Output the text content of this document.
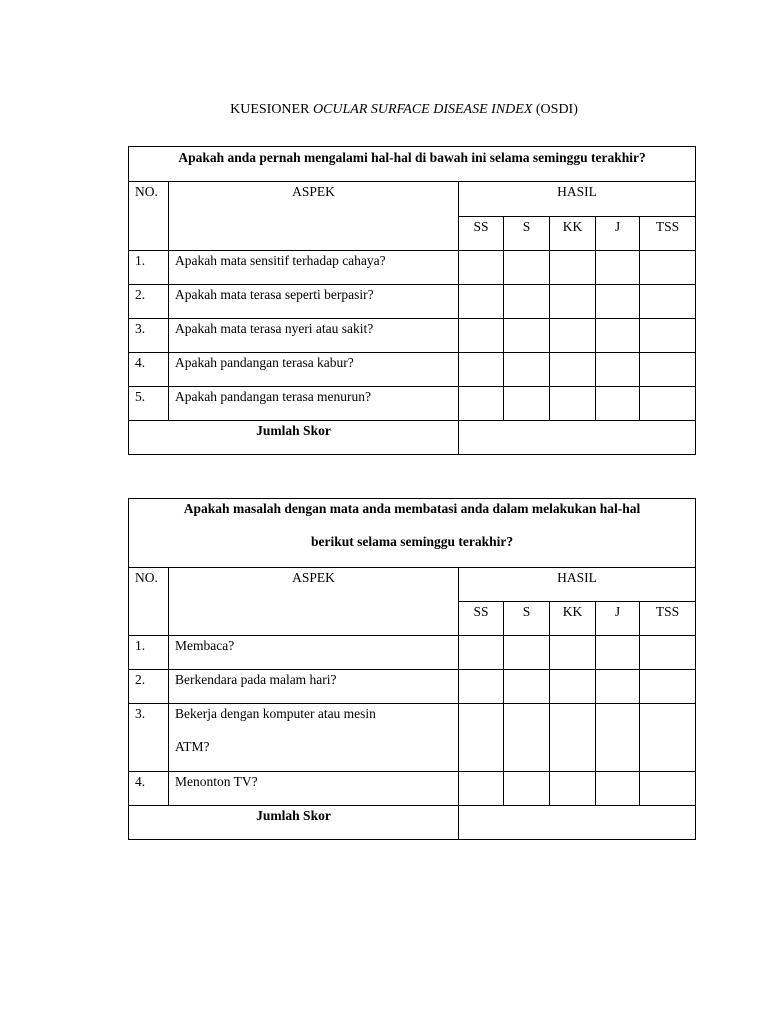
KUESIONER OCULAR SURFACE DISEASE INDEX (OSDI)
Apakah anda pernah mengalami hal-hal di bawah ini selama seminggu terakhir?						
NO.	ASPEK	HASIL				
		SS	S	KK	J	TSS
1.	Apakah mata sensitif terhadap cahaya?					
2.	Apakah mata terasa seperti berpasir?					
3.	Apakah mata terasa nyeri atau sakit?					
4.	Apakah pandangan terasa kabur?					
5.	Apakah pandangan terasa menurun?					
Jumlah Skor						
Apakah masalah dengan mata anda membatasi anda dalam melakukan hal-hal
berikut selama seminggu terakhir?						

NO.	ASPEK	HASIL				
		SS	S	KK	J	TSS
1.	Membaca?					
2.	Berkendara pada malam hari?					
3.	Bekerja dengan komputer atau mesin
ATM?					

4.	Menonton TV?					
Jumlah Skor						
